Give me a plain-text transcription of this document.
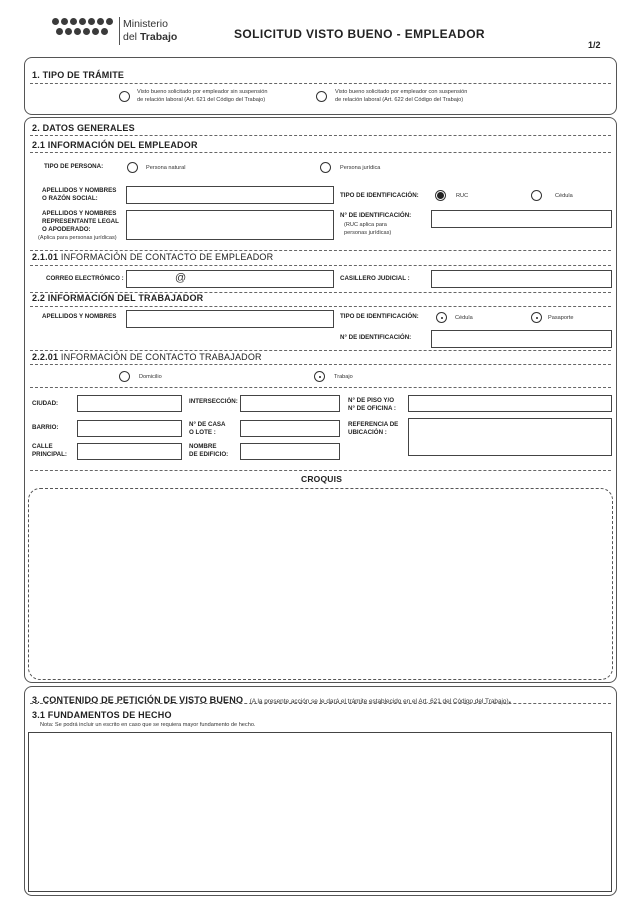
Ministerio
del Trabajo	SOLICITUD VISTO BUENO - EMPLEADOR
1/2
1. TIPO DE TRÁMITE
Visto bueno solicitado por empleador sin suspensión
de relación laboral (Art. 621 del Código del Trabajo)
Visto bueno solicitado por empleador con suspensión
de relación laboral (Art. 622 del Código del Trabajo)
2. DATOS GENERALES
2.1 INFORMACIÓN DEL EMPLEADOR
TIPO DE PERSONA:	Persona natural	Persona jurídica
APELLIDOS Y NOMBRES
O RAZÓN SOCIAL:	TIPO DE IDENTIFICACIÓN:	RUC	Cédula
APELLIDOS Y NOMBRES
REPRESENTANTE LEGAL
O APODERADO:
(Aplica para personas jurídicas)
N° DE IDENTIFICACIÓN:
(RUC aplica para
personas jurídicas)
2.1.01 INFORMACIÓN DE CONTACTO DE EMPLEADOR
CORREO ELECTRÓNICO :	@	CASILLERO JUDICIAL :
2.2 INFORMACIÓN DEL TRABAJADOR
APELLIDOS Y NOMBRES	TIPO DE IDENTIFICACIÓN:	Cédula	Pasaporte
N° DE IDENTIFICACIÓN:
2.2.01 INFORMACIÓN DE CONTACTO TRABAJADOR
Domicilio	Trabajo
CIUDAD:	INTERSECCIÓN:	N° DE PISO Y/O
N° DE OFICINA :
BARRIO:	N° DE CASA
O LOTE :
REFERENCIA DE
UBICACIÓN :
CALLE
PRINCIPAL:
NOMBRE
DE EDIFICIO:
CROQUIS
3. CONTENIDO DE PETICIÓN DE VISTO BUENO (A la presente acción se le dará el trámite establecido en el Art. 621 del Código del Trabajo).
3.1 FUNDAMENTOS DE HECHO
Nota: Se podrá incluir un escrito en caso que se requiera mayor fundamento de hecho.
